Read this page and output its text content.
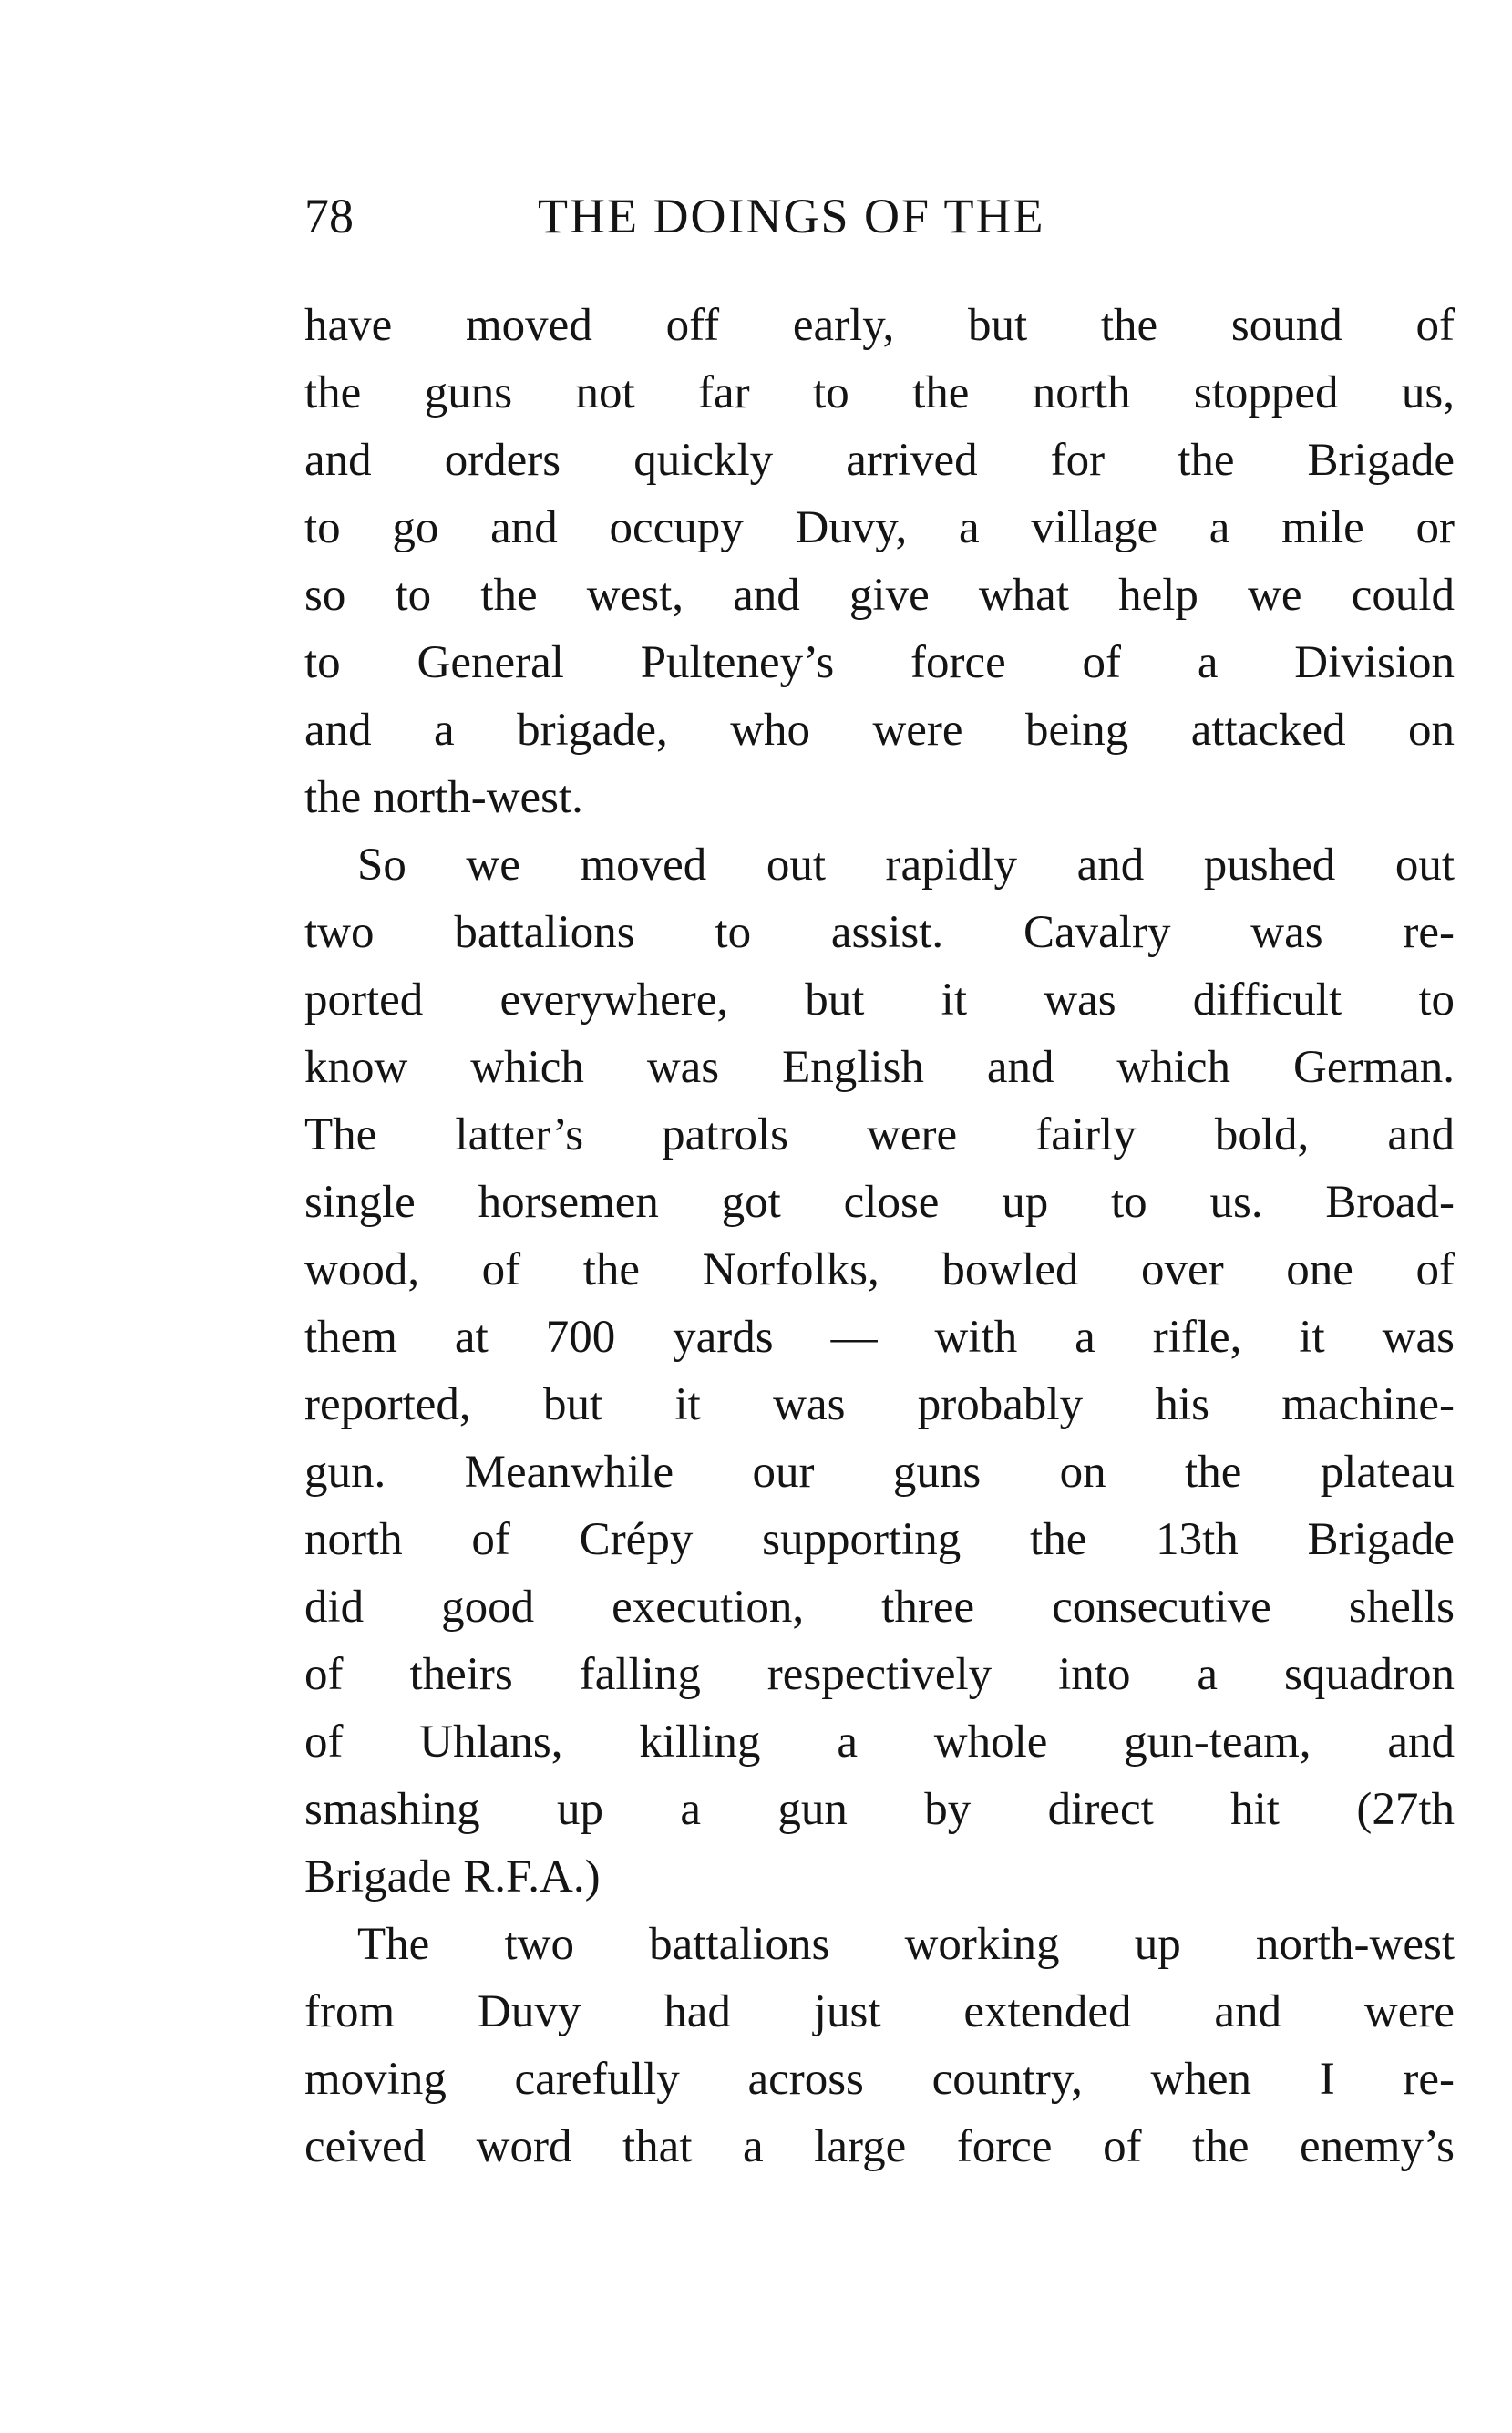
78	THE DOINGS OF THE
have moved off early, but the sound of
the guns not far to the north stopped us,
and orders quickly arrived for the Brigade
to go and occupy Duvy, a village a mile or
so to the west, and give what help we could
to General Pulteney’s force of a Division
and a brigade, who were being attacked on
the north-west.
So we moved out rapidly and pushed out
two battalions to assist. Cavalry was re-
ported everywhere, but it was difficult to
know which was English and which German.
The latter’s patrols were fairly bold, and
single horsemen got close up to us. Broad-
wood, of the Norfolks, bowled over one of
them at 700 yards — with a rifle, it was
reported, but it was probably his machine-
gun. Meanwhile our guns on the plateau
north of Crépy supporting the 13th Brigade
did good execution, three consecutive shells
of theirs falling respectively into a squadron
of Uhlans, killing a whole gun-team, and
smashing up a gun by direct hit (27th
Brigade R.F.A.)
The two battalions working up north-west
from Duvy had just extended and were
moving carefully across country, when I re-
ceived word that a large force of the enemy’s
